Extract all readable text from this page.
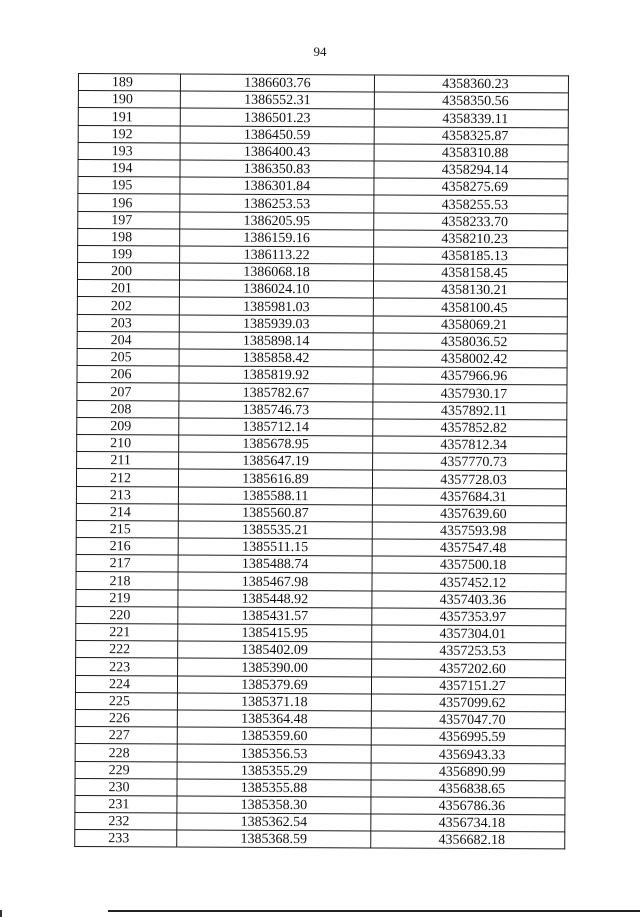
94
189	1386603.76	4358360.23
190	1386552.31	4358350.56
191	1386501.23	4358339.11
192	1386450.59	4358325.87
193	1386400.43	4358310.88
194	1386350.83	4358294.14
195	1386301.84	4358275.69
196	1386253.53	4358255.53
197	1386205.95	4358233.70
198	1386159.16	4358210.23
199	1386113.22	4358185.13
200	1386068.18	4358158.45
201	1386024.10	4358130.21
202	1385981.03	4358100.45
203	1385939.03	4358069.21
204	1385898.14	4358036.52
205	1385858.42	4358002.42
206	1385819.92	4357966.96
207	1385782.67	4357930.17
208	1385746.73	4357892.11
209	1385712.14	4357852.82
210	1385678.95	4357812.34
211	1385647.19	4357770.73
212	1385616.89	4357728.03
213	1385588.11	4357684.31
214	1385560.87	4357639.60
215	1385535.21	4357593.98
216	1385511.15	4357547.48
217	1385488.74	4357500.18
218	1385467.98	4357452.12
219	1385448.92	4357403.36
220	1385431.57	4357353.97
221	1385415.95	4357304.01
222	1385402.09	4357253.53
223	1385390.00	4357202.60
224	1385379.69	4357151.27
225	1385371.18	4357099.62
226	1385364.48	4357047.70
227	1385359.60	4356995.59
228	1385356.53	4356943.33
229	1385355.29	4356890.99
230	1385355.88	4356838.65
231	1385358.30	4356786.36
232	1385362.54	4356734.18
233	1385368.59	4356682.18
